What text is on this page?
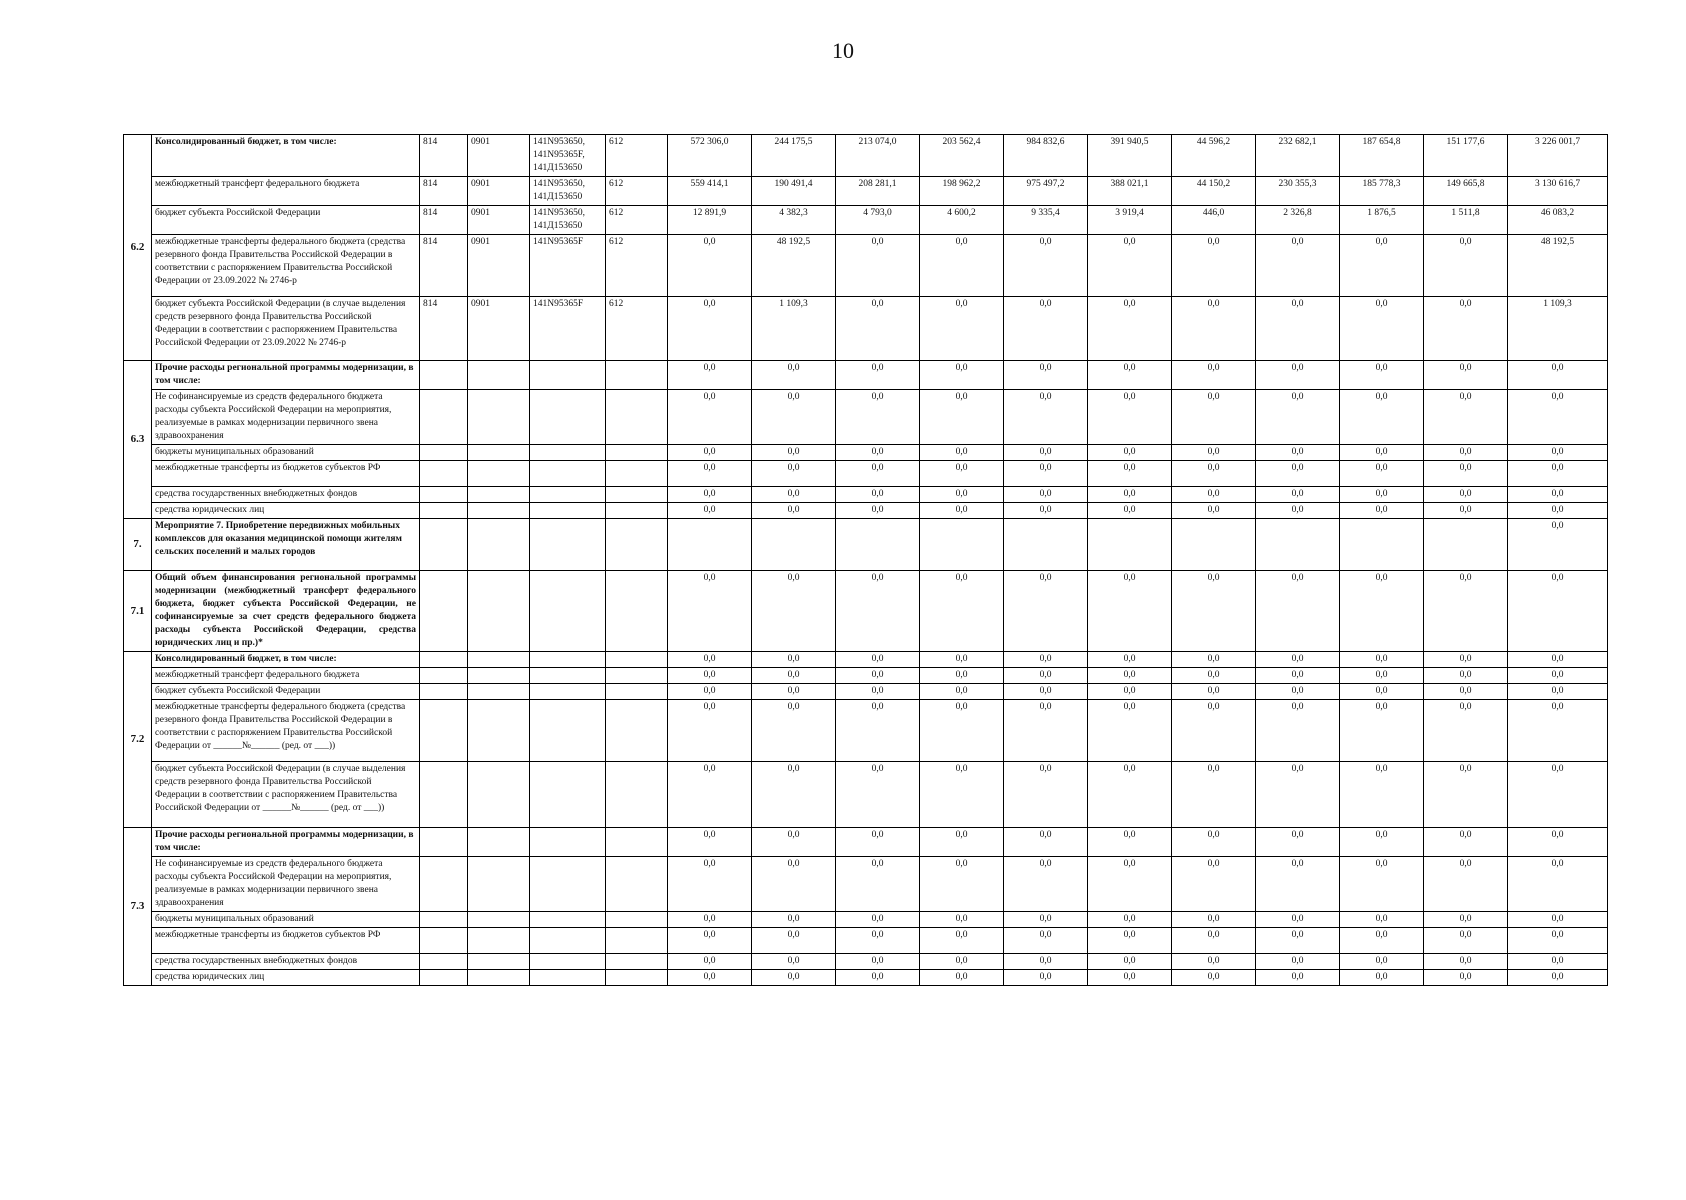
10
6.2	Консолидированный бюджет, в том числе:	814	0901	141N953650, 141N95365F, 141Д153650	612	572 306,0	244 175,5	213 074,0	203 562,4	984 832,6	391 940,5	44 596,2	232 682,1	187 654,8	151 177,6	3 226 001,7
	межбюджетный трансферт федерального бюджета	814	0901	141N953650, 141Д153650	612	559 414,1	190 491,4	208 281,1	198 962,2	975 497,2	388 021,1	44 150,2	230 355,3	185 778,3	149 665,8	3 130 616,7
	бюджет субъекта Российской Федерации	814	0901	141N953650, 141Д153650	612	12 891,9	4 382,3	4 793,0	4 600,2	9 335,4	3 919,4	446,0	2 326,8	1 876,5	1 511,8	46 083,2
	межбюджетные трансферты федерального бюджета (средства резервного фонда Правительства Российской Федерации в соответствии с распоряжением Правительства Российской Федерации от 23.09.2022 № 2746-р	814	0901	141N95365F	612	0,0	48 192,5	0,0	0,0	0,0	0,0	0,0	0,0	0,0	0,0	48 192,5
	бюджет субъекта Российской Федерации (в случае выделения средств резервного фонда Правительства Российской Федерации в соответствии с распоряжением Правительства Российской Федерации от 23.09.2022 № 2746-р	814	0901	141N95365F	612	0,0	1 109,3	0,0	0,0	0,0	0,0	0,0	0,0	0,0	0,0	1 109,3
6.3	Прочие расходы региональной программы модернизации, в том числе:					0,0	0,0	0,0	0,0	0,0	0,0	0,0	0,0	0,0	0,0	0,0
	Не софинансируемые из средств федерального бюджета расходы субъекта Российской Федерации на мероприятия, реализуемые в рамках модернизации первичного звена здравоохранения					0,0	0,0	0,0	0,0	0,0	0,0	0,0	0,0	0,0	0,0	0,0
	бюджеты муниципальных образований					0,0	0,0	0,0	0,0	0,0	0,0	0,0	0,0	0,0	0,0	0,0
	межбюджетные трансферты из бюджетов субъектов РФ					0,0	0,0	0,0	0,0	0,0	0,0	0,0	0,0	0,0	0,0	0,0
	средства государственных внебюджетных фондов					0,0	0,0	0,0	0,0	0,0	0,0	0,0	0,0	0,0	0,0	0,0
	средства юридических лиц					0,0	0,0	0,0	0,0	0,0	0,0	0,0	0,0	0,0	0,0	0,0
7.	Мероприятие 7. Приобретение передвижных мобильных комплексов для оказания медицинской помощи жителям сельских поселений и малых городов															0,0
7.1	Общий объем финансирования региональной программы модернизации (межбюджетный трансферт федерального бюджета, бюджет субъекта Российской Федерации, не софинансируемые за счет средств федерального бюджета расходы субъекта Российской Федерации, средства юридических лиц и пр.)*					0,0	0,0	0,0	0,0	0,0	0,0	0,0	0,0	0,0	0,0	0,0
7.2	Консолидированный бюджет, в том числе:					0,0	0,0	0,0	0,0	0,0	0,0	0,0	0,0	0,0	0,0	0,0
	межбюджетный трансферт федерального бюджета					0,0	0,0	0,0	0,0	0,0	0,0	0,0	0,0	0,0	0,0	0,0
	бюджет субъекта Российской Федерации					0,0	0,0	0,0	0,0	0,0	0,0	0,0	0,0	0,0	0,0	0,0
	межбюджетные трансферты федерального бюджета (средства резервного фонда Правительства Российской Федерации в соответствии с распоряжением Правительства Российской Федерации от ______№______ (ред. от ___))					0,0	0,0	0,0	0,0	0,0	0,0	0,0	0,0	0,0	0,0	0,0
	бюджет субъекта Российской Федерации (в случае выделения средств резервного фонда Правительства Российской Федерации в соответствии с распоряжением Правительства Российской Федерации от ______№______ (ред. от ___))					0,0	0,0	0,0	0,0	0,0	0,0	0,0	0,0	0,0	0,0	0,0
7.3	Прочие расходы региональной программы модернизации, в том числе:					0,0	0,0	0,0	0,0	0,0	0,0	0,0	0,0	0,0	0,0	0,0
	Не софинансируемые из средств федерального бюджета расходы субъекта Российской Федерации на мероприятия, реализуемые в рамках модернизации первичного звена здравоохранения					0,0	0,0	0,0	0,0	0,0	0,0	0,0	0,0	0,0	0,0	0,0
	бюджеты муниципальных образований					0,0	0,0	0,0	0,0	0,0	0,0	0,0	0,0	0,0	0,0	0,0
	межбюджетные трансферты из бюджетов субъектов РФ					0,0	0,0	0,0	0,0	0,0	0,0	0,0	0,0	0,0	0,0	0,0
	средства государственных внебюджетных фондов					0,0	0,0	0,0	0,0	0,0	0,0	0,0	0,0	0,0	0,0	0,0
	средства юридических лиц					0,0	0,0	0,0	0,0	0,0	0,0	0,0	0,0	0,0	0,0	0,0
